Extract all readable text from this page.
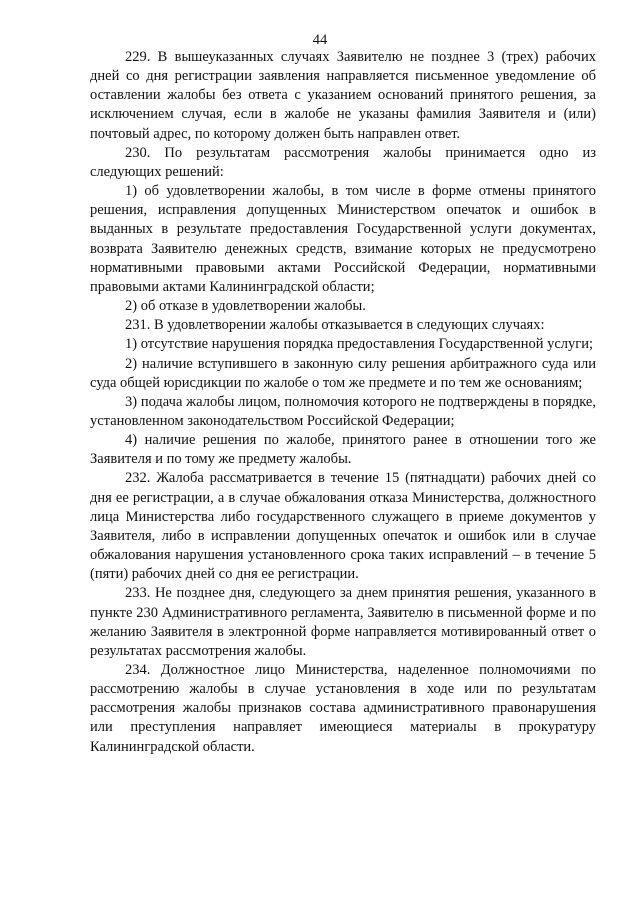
44

229. В вышеуказанных случаях Заявителю не позднее 3 (трех) рабочих дней со дня регистрации заявления направляется письменное уведомление об оставлении жалобы без ответа с указанием оснований принятого решения, за исключением случая, если в жалобе не указаны фамилия Заявителя и (или) почтовый адрес, по которому должен быть направлен ответ.

230. По результатам рассмотрения жалобы принимается одно из следующих решений:

1) об удовлетворении жалобы, в том числе в форме отмены принятого решения, исправления допущенных Министерством опечаток и ошибок в выданных в результате предоставления Государственной услуги документах, возврата Заявителю денежных средств, взимание которых не предусмотрено нормативными правовыми актами Российской Федерации, нормативными правовыми актами Калининградской области;

2) об отказе в удовлетворении жалобы.

231. В удовлетворении жалобы отказывается в следующих случаях:

1) отсутствие нарушения порядка предоставления Государственной услуги;

2) наличие вступившего в законную силу решения арбитражного суда или суда общей юрисдикции по жалобе о том же предмете и по тем же основаниям;

3) подача жалобы лицом, полномочия которого не подтверждены в порядке, установленном законодательством Российской Федерации;

4) наличие решения по жалобе, принятого ранее в отношении того же Заявителя и по тому же предмету жалобы.

232. Жалоба рассматривается в течение 15 (пятнадцати) рабочих дней со дня ее регистрации, а в случае обжалования отказа Министерства, должностного лица Министерства либо государственного служащего в приеме документов у Заявителя, либо в исправлении допущенных опечаток и ошибок или в случае обжалования нарушения установленного срока таких исправлений – в течение 5 (пяти) рабочих дней со дня ее регистрации.

233. Не позднее дня, следующего за днем принятия решения, указанного в пункте 230 Административного регламента, Заявителю в письменной форме и по желанию Заявителя в электронной форме направляется мотивированный ответ о результатах рассмотрения жалобы.

234. Должностное лицо Министерства, наделенное полномочиями по рассмотрению жалобы в случае установления в ходе или по результатам рассмотрения жалобы признаков состава административного правонарушения или преступления направляет имеющиеся материалы в прокуратуру Калининградской области.
